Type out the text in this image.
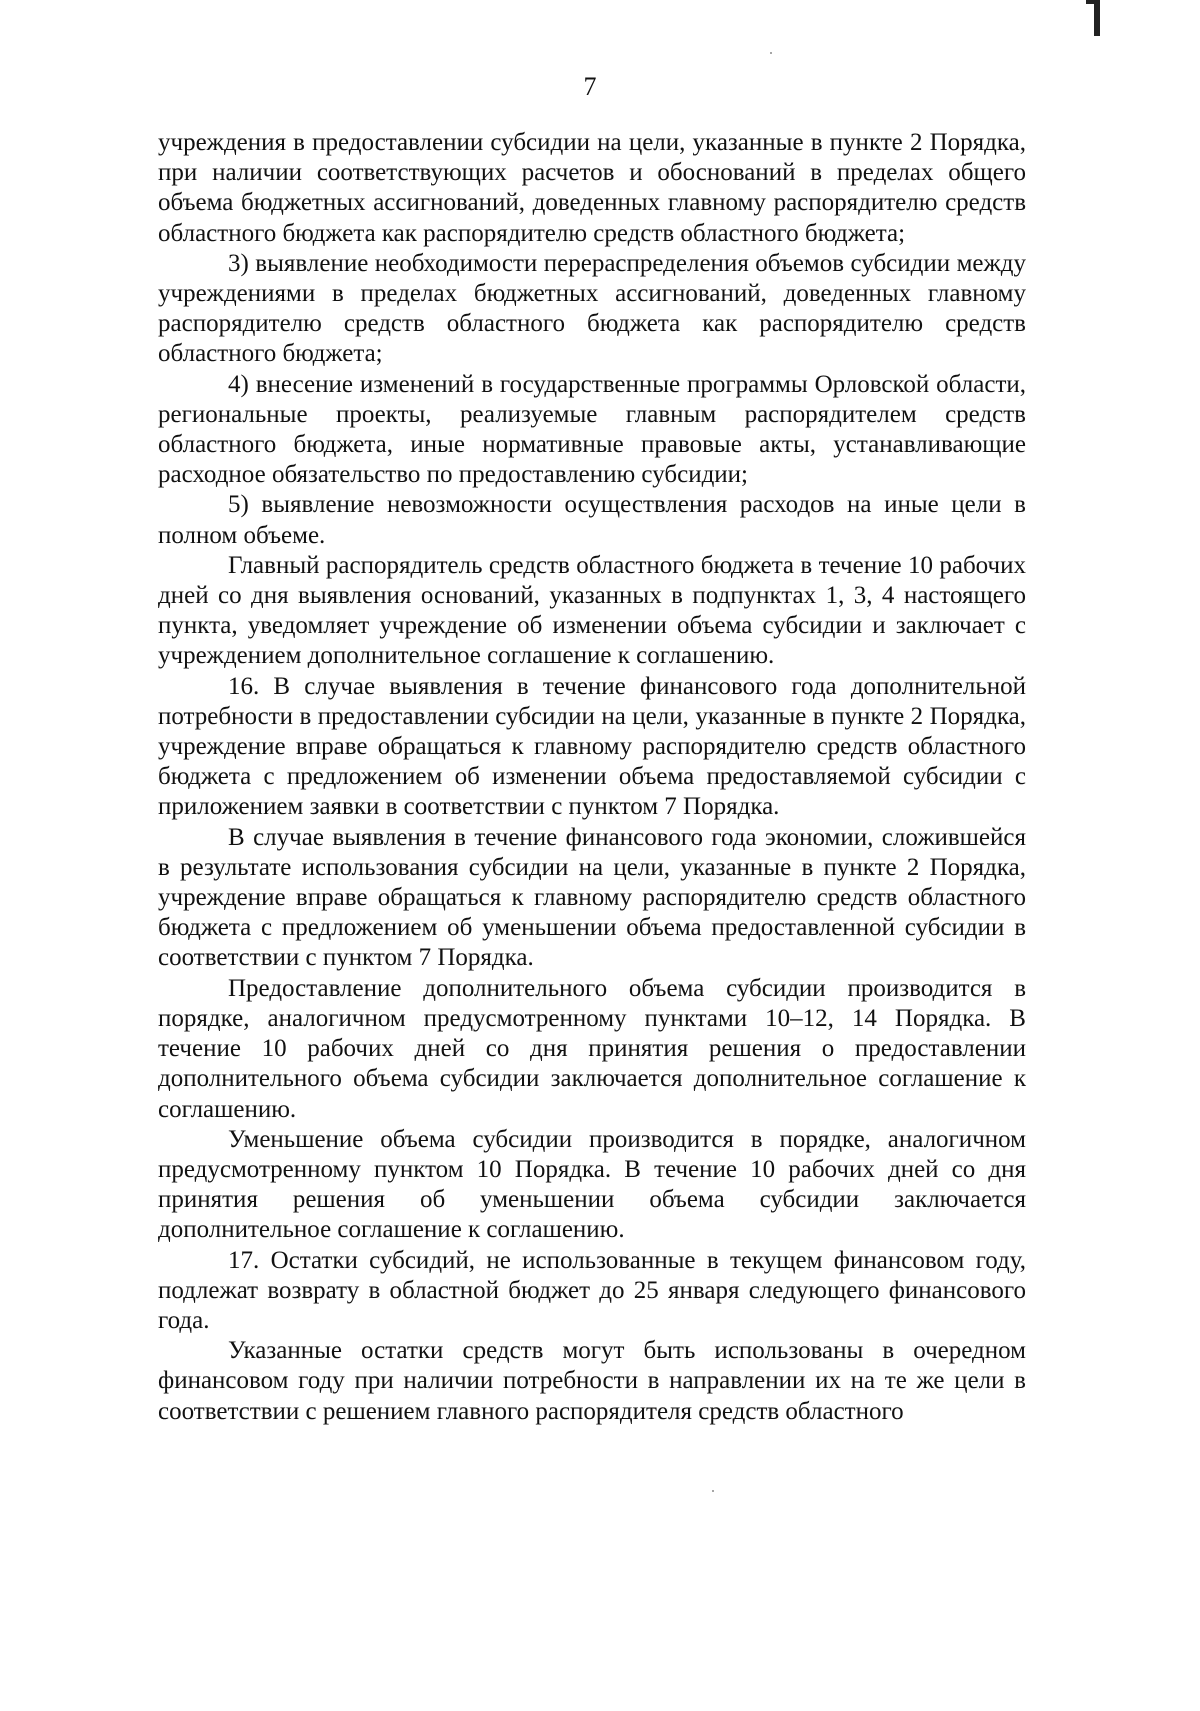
7

учреждения в предоставлении субсидии на цели, указанные в пункте 2 Порядка, при наличии соответствующих расчетов и обоснований в пределах общего объема бюджетных ассигнований, доведенных главному распорядителю средств областного бюджета как распорядителю средств областного бюджета;

3) выявление необходимости перераспределения объемов субсидии между учреждениями в пределах бюджетных ассигнований, доведенных главному распорядителю средств областного бюджета как распорядителю средств областного бюджета;

4) внесение изменений в государственные программы Орловской области, региональные проекты, реализуемые главным распорядителем средств областного бюджета, иные нормативные правовые акты, устанавливающие расходное обязательство по предоставлению субсидии;

5) выявление невозможности осуществления расходов на иные цели в полном объеме.

Главный распорядитель средств областного бюджета в течение 10 рабочих дней со дня выявления оснований, указанных в подпунктах 1, 3, 4 настоящего пункта, уведомляет учреждение об изменении объема субсидии и заключает с учреждением дополнительное соглашение к соглашению.

16. В случае выявления в течение финансового года дополнительной потребности в предоставлении субсидии на цели, указанные в пункте 2 Порядка, учреждение вправе обращаться к главному распорядителю средств областного бюджета с предложением об изменении объема предоставляемой субсидии с приложением заявки в соответствии с пунктом 7 Порядка.

В случае выявления в течение финансового года экономии, сложившейся в результате использования субсидии на цели, указанные в пункте 2 Порядка, учреждение вправе обращаться к главному распорядителю средств областного бюджета с предложением об уменьшении объема предоставленной субсидии в соответствии с пунктом 7 Порядка.

Предоставление дополнительного объема субсидии производится в порядке, аналогичном предусмотренному пунктами 10–12, 14 Порядка. В течение 10 рабочих дней со дня принятия решения о предоставлении дополнительного объема субсидии заключается дополнительное соглашение к соглашению.

Уменьшение объема субсидии производится в порядке, аналогичном предусмотренному пунктом 10 Порядка. В течение 10 рабочих дней со дня принятия решения об уменьшении объема субсидии заключается дополнительное соглашение к соглашению.

17. Остатки субсидий, не использованные в текущем финансовом году, подлежат возврату в областной бюджет до 25 января следующего финансового года.

Указанные остатки средств могут быть использованы в очередном финансовом году при наличии потребности в направлении их на те же цели в соответствии с решением главного распорядителя средств областного
